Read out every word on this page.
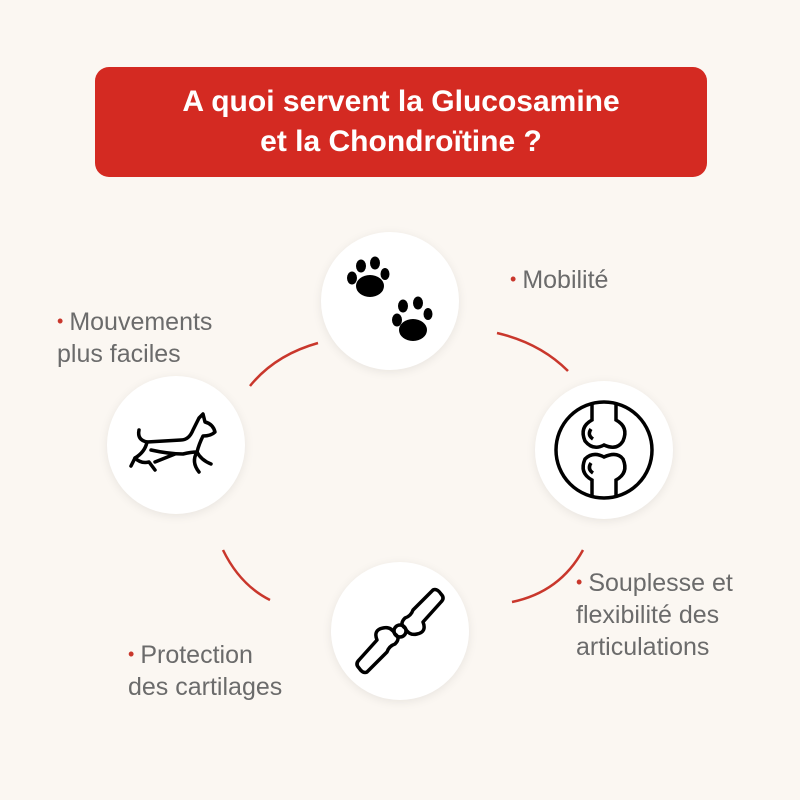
A quoi servent la Glucosamine
et la Chondroïtine ?
• Mobilité
• Souplesse et
flexibilité des
articulations
• Protection
des cartilages
• Mouvements
plus faciles
